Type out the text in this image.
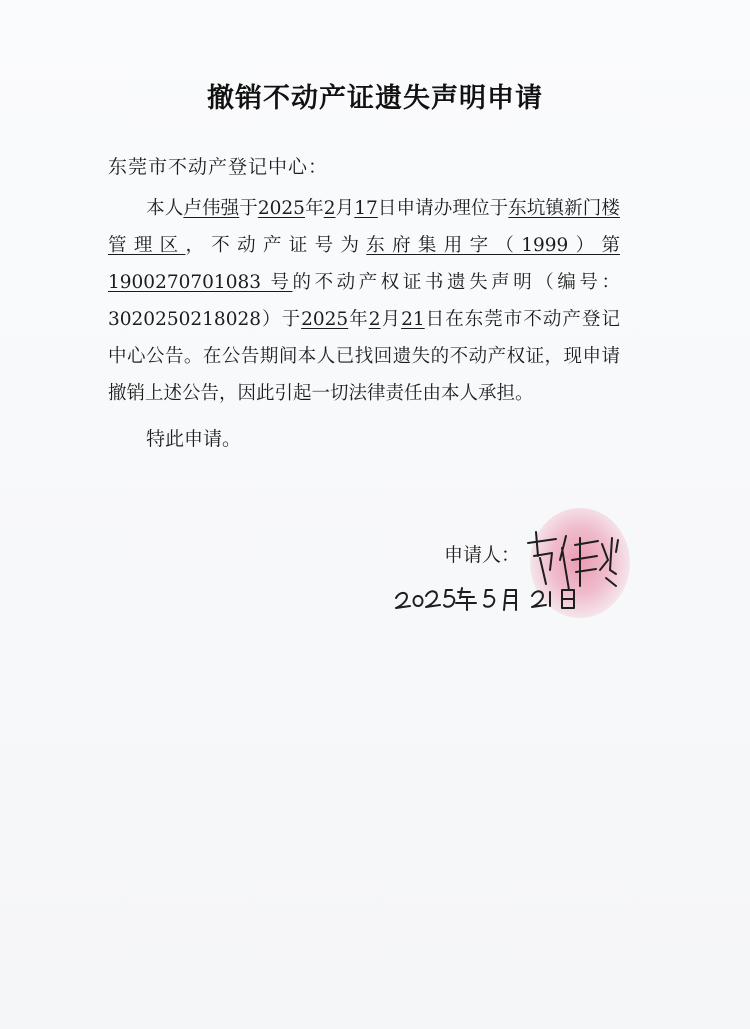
撤销不动产证遗失声明申请
东莞市不动产登记中心：
本人卢伟强于2025年2月17日申请办理位于东坑镇新门楼管理区，不动产证号为东府集用字（1999）第1900270701083 号的不动产权证书遗失声明（编号：3020250218028）于2025年2月21日在东莞市不动产登记中心公告。在公告期间本人已找回遗失的不动产权证，现申请撤销上述公告，因此引起一切法律责任由本人承担。
特此申请。
申请人：
